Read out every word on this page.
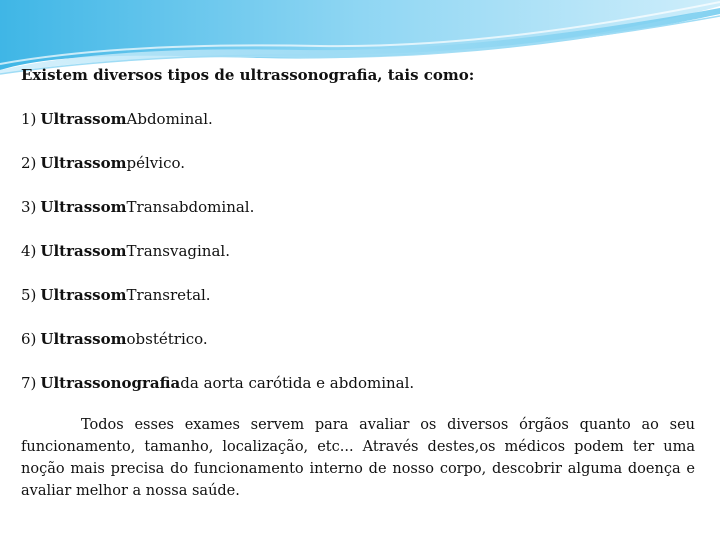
Existem diversos tipos de ultrassonografia, tais como:

1) UltrassomAbdominal.
2) Ultrassompélvico.
3) UltrassomTransabdominal.
4) UltrassomTransvaginal.
5) UltrassomTransretal.
6) Ultrassomobstétrico.
7) Ultrassonografiada aorta carótida e abdominal.

Todos esses exames servem para avaliar os diversos órgãos quanto ao seu funcionamento, tamanho, localização, etc... Através destes,os médicos podem ter uma noção mais precisa do funcionamento interno de nosso corpo, descobrir alguma doença e avaliar melhor a nossa saúde.
